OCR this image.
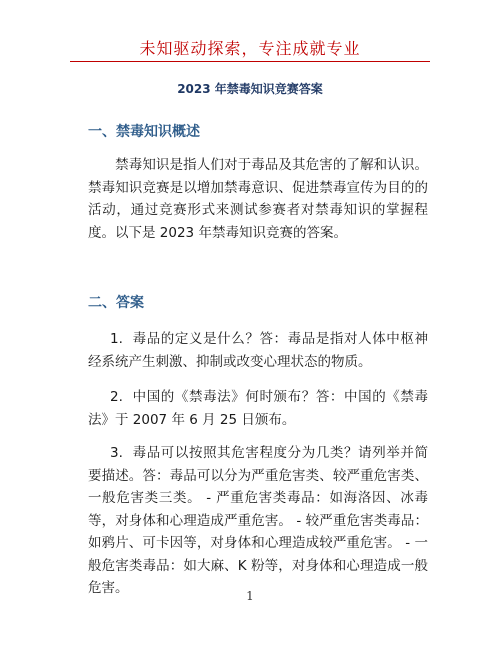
未知驱动探索，专注成就专业
2023 年禁毒知识竞赛答案
一、禁毒知识概述
禁毒知识是指人们对于毒品及其危害的了解和认识。禁毒知识竞赛是以增加禁毒意识、促进禁毒宣传为目的的活动，通过竞赛形式来测试参赛者对禁毒知识的掌握程度。以下是 2023 年禁毒知识竞赛的答案。
二、答案
1. 毒品的定义是什么？答：毒品是指对人体中枢神经系统产生刺激、抑制或改变心理状态的物质。
2. 中国的《禁毒法》何时颁布？答：中国的《禁毒法》于 2007 年 6 月 25 日颁布。
3. 毒品可以按照其危害程度分为几类？请列举并简要描述。答：毒品可以分为严重危害类、较严重危害类、一般危害类三类。 - 严重危害类毒品：如海洛因、冰毒等，对身体和心理造成严重危害。 - 较严重危害类毒品：如鸦片、可卡因等，对身体和心理造成较严重危害。 - 一般危害类毒品：如大麻、K 粉等，对身体和心理造成一般危害。	1
